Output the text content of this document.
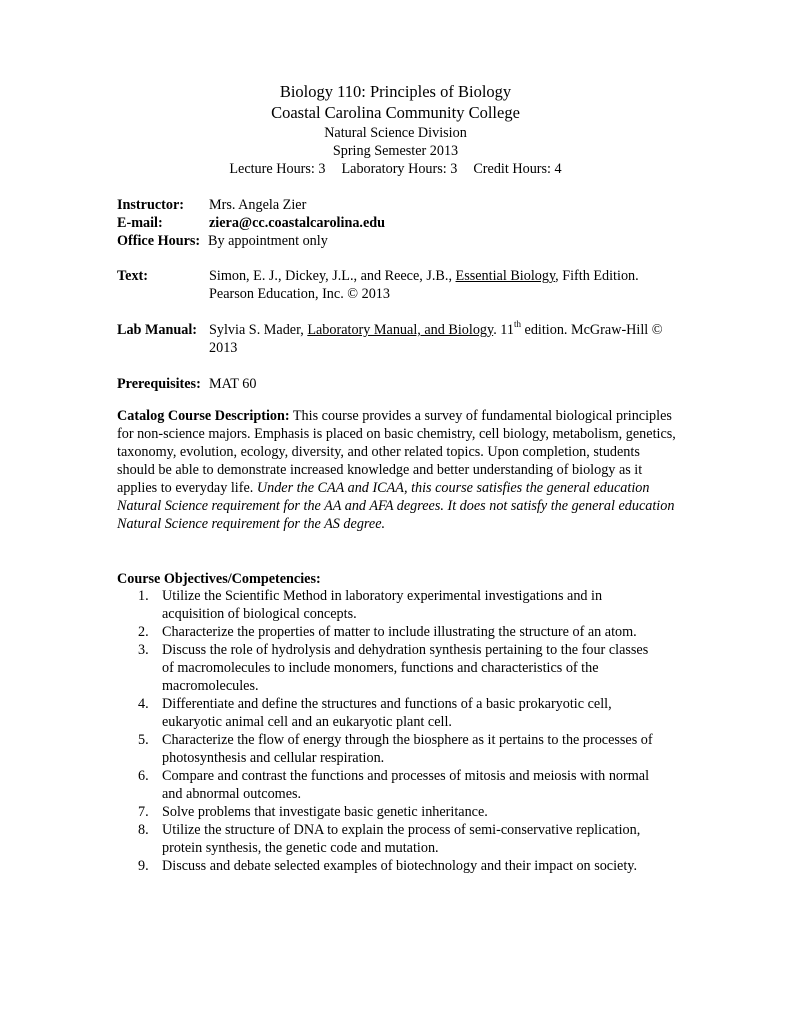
Biology 110: Principles of Biology
Coastal Carolina Community College
Natural Science Division
Spring Semester 2013
Lecture Hours: 3 Laboratory Hours: 3 Credit Hours: 4
Instructor: Mrs. Angela Zier
E-mail:	ziera@cc.coastalcarolina.edu
Office Hours: By appointment only
Text:	Simon, E. J., Dickey, J.L., and Reece, J.B., Essential Biology, Fifth Edition. Pearson Education, Inc. © 2013
Lab Manual: Sylvia S. Mader, Laboratory Manual, and Biology. 11th edition. McGraw-Hill © 2013
Prerequisites: MAT 60
Catalog Course Description: This course provides a survey of fundamental biological principles for non-science majors. Emphasis is placed on basic chemistry, cell biology, metabolism, genetics, taxonomy, evolution, ecology, diversity, and other related topics. Upon completion, students should be able to demonstrate increased knowledge and better understanding of biology as it applies to everyday life. Under the CAA and ICAA, this course satisfies the general education Natural Science requirement for the AA and AFA degrees. It does not satisfy the general education Natural Science requirement for the AS degree.
Course Objectives/Competencies:
1. Utilize the Scientific Method in laboratory experimental investigations and in acquisition of biological concepts.
2. Characterize the properties of matter to include illustrating the structure of an atom.
3. Discuss the role of hydrolysis and dehydration synthesis pertaining to the four classes of macromolecules to include monomers, functions and characteristics of the macromolecules.
4. Differentiate and define the structures and functions of a basic prokaryotic cell, eukaryotic animal cell and an eukaryotic plant cell.
5. Characterize the flow of energy through the biosphere as it pertains to the processes of photosynthesis and cellular respiration.
6. Compare and contrast the functions and processes of mitosis and meiosis with normal and abnormal outcomes.
7. Solve problems that investigate basic genetic inheritance.
8. Utilize the structure of DNA to explain the process of semi-conservative replication, protein synthesis, the genetic code and mutation.
9. Discuss and debate selected examples of biotechnology and their impact on society.
